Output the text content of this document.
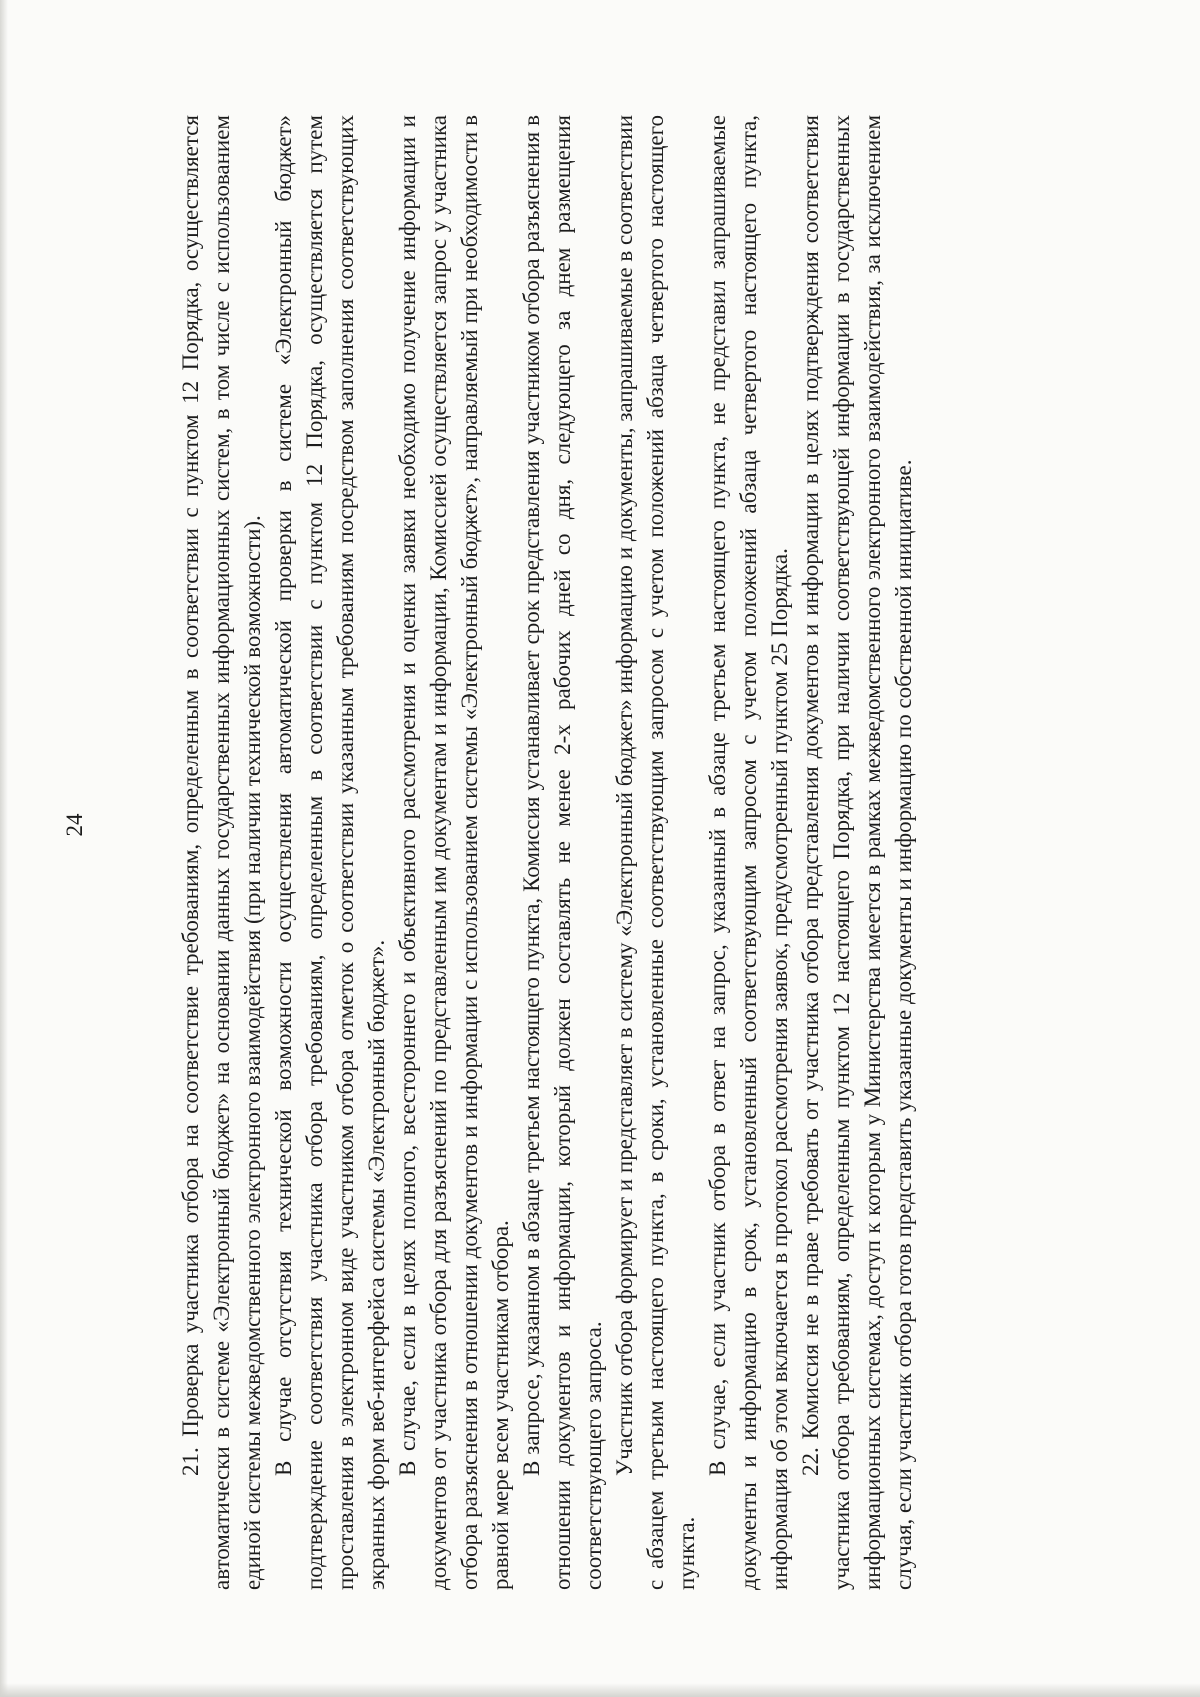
24	21. Проверка участника отбора на соответствие требованиям, определенным в соответствии с пунктом 12 Порядка, осуществляется автоматически в системе «Электронный бюджет» на основании данных государственных информационных систем, в том числе с использованием единой системы межведомственного электронного взаимодействия (при наличии технической возможности). В случае отсутствия технической возможности осуществления автоматической проверки в системе «Электронный бюджет» подтверждение соответствия участника отбора требованиям, определенным в соответствии с пунктом 12 Порядка, осуществляется путем проставления в электронном виде участником отбора отметок о соответствии указанным требованиям посредством заполнения соответствующих экранных форм веб-интерфейса системы «Электронный бюджет». В случае, если в целях полного, всестороннего и объективного рассмотрения и оценки заявки необходимо получение информации и документов от участника отбора для разъяснений по представленным им документам и информации, Комиссией осуществляется запрос у участника отбора разъяснения в отношении документов и информации с использованием системы «Электронный бюджет», направляемый при необходимости в равной мере всем участникам отбора. В запросе, указанном в абзаце третьем настоящего пункта, Комиссия устанавливает срок представления участником отбора разъяснения в отношении документов и информации, который должен составлять не менее 2-х рабочих дней со дня, следующего за днем размещения соответствующего запроса. Участник отбора формирует и представляет в систему «Электронный бюджет» информацию и документы, запрашиваемые в соответствии с абзацем третьим настоящего пункта, в сроки, установленные соответствующим запросом с учетом положений абзаца четвертого настоящего пункта.

В случае, если участник отбора в ответ на запрос, указанный в абзаце третьем настоящего пункта, не представил запрашиваемые документы и информацию в срок, установленный соответствующим запросом с учетом положений абзаца четвертого настоящего пункта, информация об этом включается в протокол рассмотрения заявок, предусмотренный пунктом 25 Порядка. 22. Комиссия не в праве требовать от участника отбора представления документов и информации в целях подтверждения соответствия участника отбора требованиям, определенным пунктом 12 настоящего Порядка, при наличии соответствующей информации в государственных информационных системах, доступ к которым у Министерства имеется в рамках межведомственного электронного взаимодействия, за исключением случая, если участник отбора готов представить указанные документы и информацию по собственной инициативе.
